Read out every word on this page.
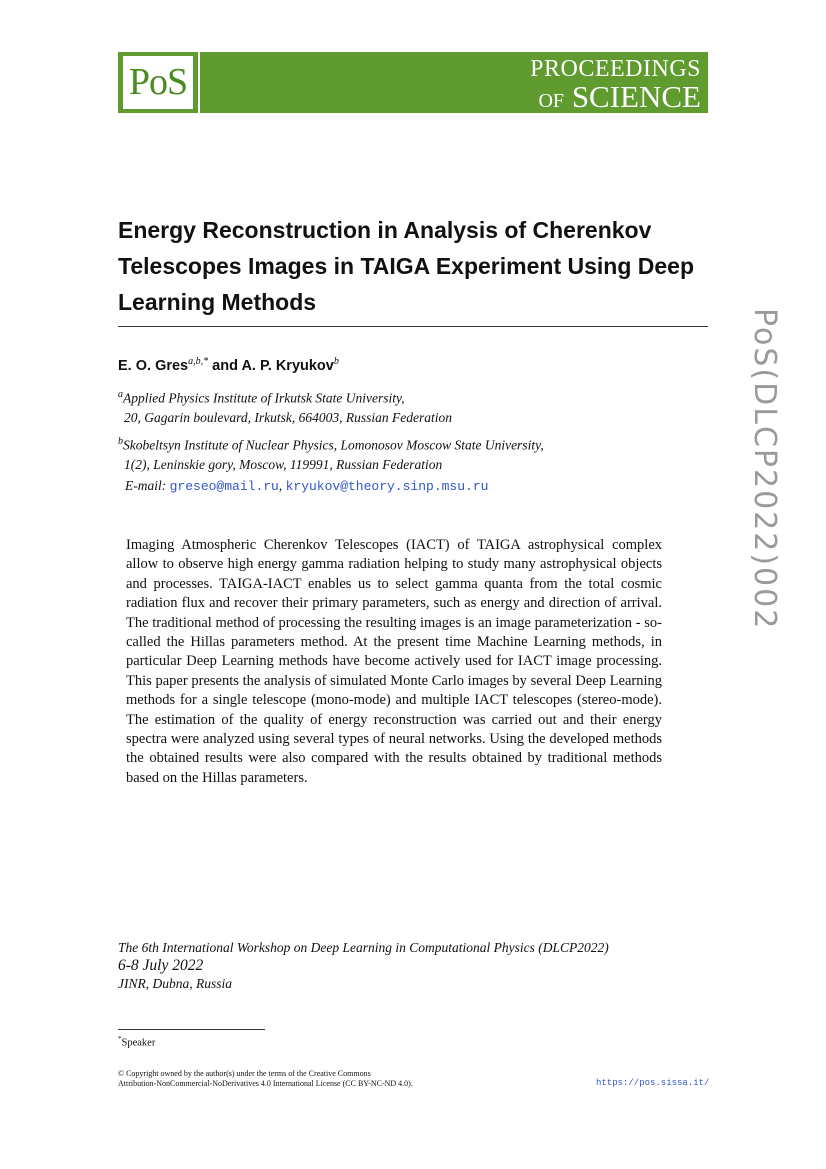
PoS	PROCEEDINGS
OF SCIENCE
Energy Reconstruction in Analysis of Cherenkov Telescopes Images in TAIGA Experiment Using Deep Learning Methods
E. O. Gres$^{a,b,*}$ and A. P. Kryukov$^b$
$^a$Applied Physics Institute of Irkutsk State University,
20, Gagarin boulevard, Irkutsk, 664003, Russian Federation
$^b$Skobeltsyn Institute of Nuclear Physics, Lomonosov Moscow State University,
1(2), Leninskie gory, Moscow, 119991, Russian Federation
E-mail: greseo@mail.ru, kryukov@theory.sinp.msu.ru	PoS(DLCP2022)002
Imaging Atmospheric Cherenkov Telescopes (IACT) of TAIGA astrophysical complex allow to observe high energy gamma radiation helping to study many astrophysical objects and processes. TAIGA-IACT enables us to select gamma quanta from the total cosmic radiation flux and recover their primary parameters, such as energy and direction of arrival. The traditional method of processing the resulting images is an image parameterization - so-called the Hillas parameters method. At the present time Machine Learning methods, in particular Deep Learning methods have become actively used for IACT image processing. This paper presents the analysis of simulated Monte Carlo images by several Deep Learning methods for a single telescope (mono-mode) and multiple IACT telescopes (stereo-mode). The estimation of the quality of energy reconstruction was carried out and their energy spectra were analyzed using several types of neural networks. Using the developed methods the obtained results were also compared with the results obtained by traditional methods based on the Hillas parameters.
The 6th International Workshop on Deep Learning in Computational Physics (DLCP2022)
6-8 July 2022
JINR, Dubna, Russia
*Speaker
© Copyright owned by the author(s) under the terms of the Creative Commons
Attribution-NonCommercial-NoDerivatives 4.0 International License (CC BY-NC-ND 4.0).	https://pos.sissa.it/
